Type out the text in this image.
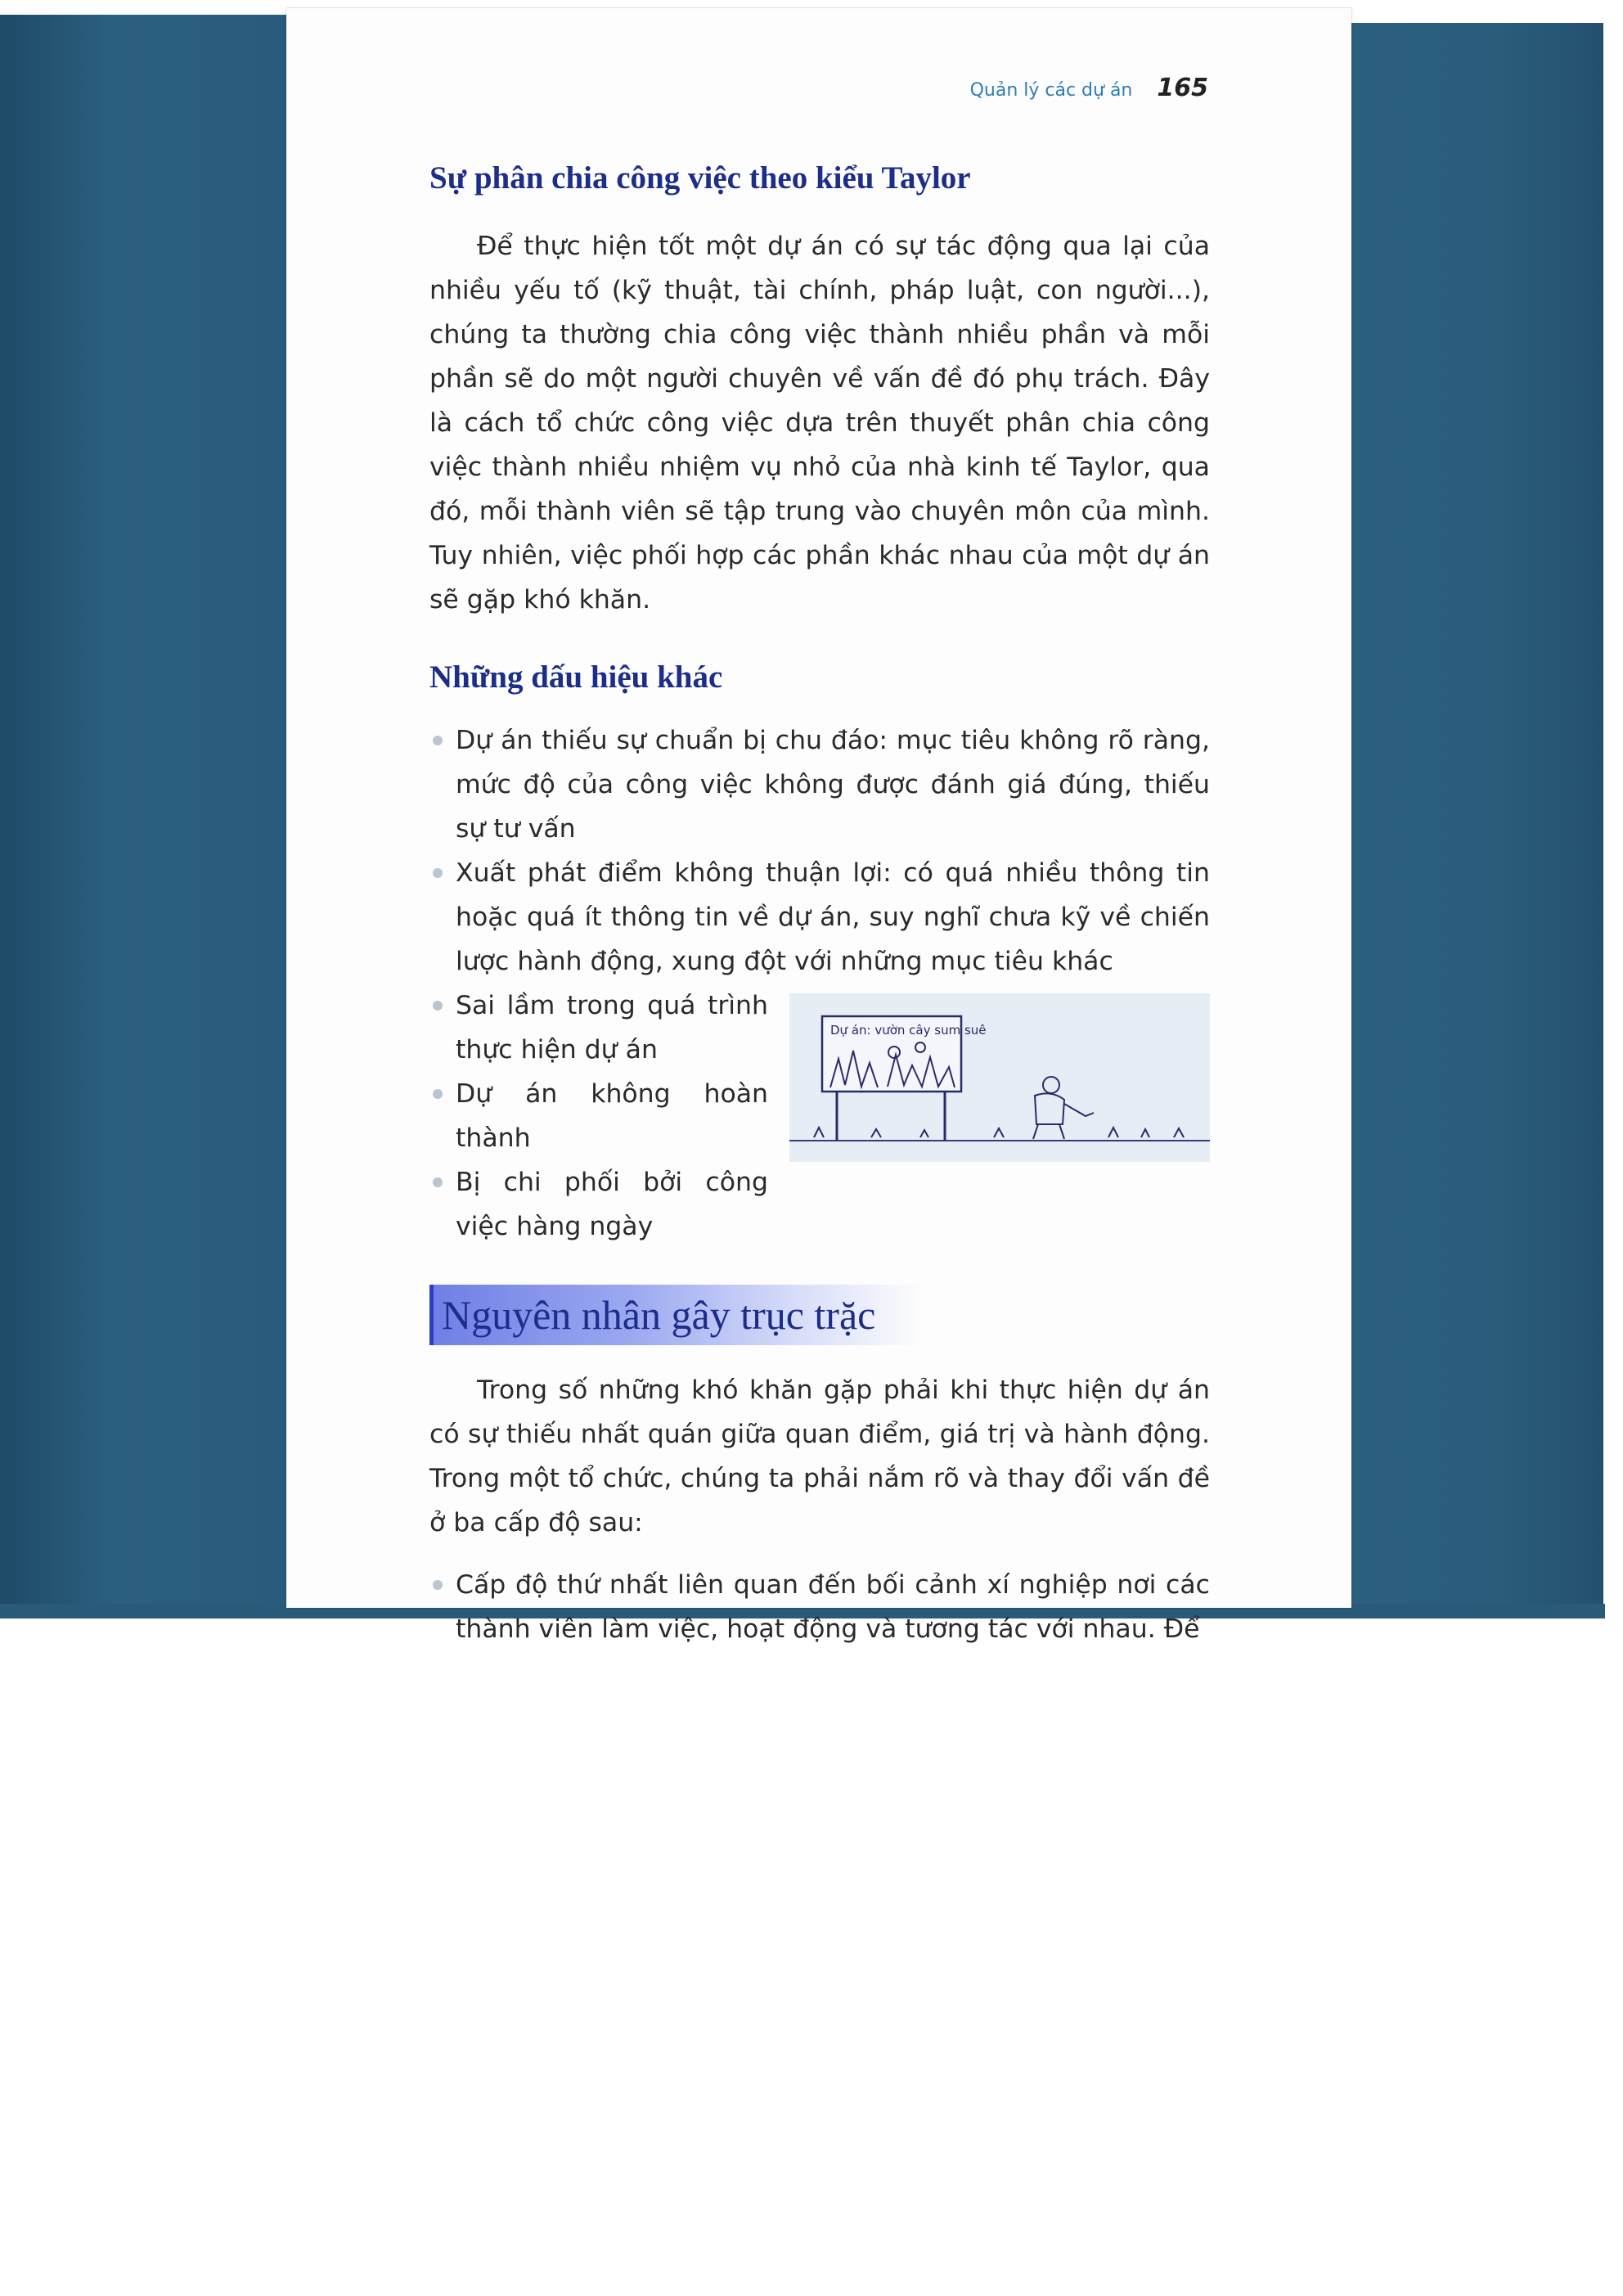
Quản lý các dự án 165
Sự phân chia công việc theo kiểu Taylor

Để thực hiện tốt một dự án có sự tác động qua lại của nhiều yếu tố (kỹ thuật, tài chính, pháp luật, con người...), chúng ta thường chia công việc thành nhiều phần và mỗi phần sẽ do một người chuyên về vấn đề đó phụ trách. Đây là cách tổ chức công việc dựa trên thuyết phân chia công việc thành nhiều nhiệm vụ nhỏ của nhà kinh tế Taylor, qua đó, mỗi thành viên sẽ tập trung vào chuyên môn của mình. Tuy nhiên, việc phối hợp các phần khác nhau của một dự án sẽ gặp khó khăn.

Những dấu hiệu khác
Dự án thiếu sự chuẩn bị chu đáo: mục tiêu không rõ ràng, mức độ của công việc không được đánh giá đúng, thiếu sự tư vấn
Xuất phát điểm không thuận lợi: có quá nhiều thông tin hoặc quá ít thông tin về dự án, suy nghĩ chưa kỹ về chiến lược hành động, xung đột với những mục tiêu khác
Sai lầm trong quá trình thực hiện dự án
Dự án không hoàn thành
Bị chi phối bởi công việc hàng ngày
Dự án: vườn cây sum suê
Nguyên nhân gây trục trặc

Trong số những khó khăn gặp phải khi thực hiện dự án có sự thiếu nhất quán giữa quan điểm, giá trị và hành động. Trong một tổ chức, chúng ta phải nắm rõ và thay đổi vấn đề ở ba cấp độ sau:

Cấp độ thứ nhất liên quan đến bối cảnh xí nghiệp nơi các thành viên làm việc, hoạt động và tương tác với nhau. Để
